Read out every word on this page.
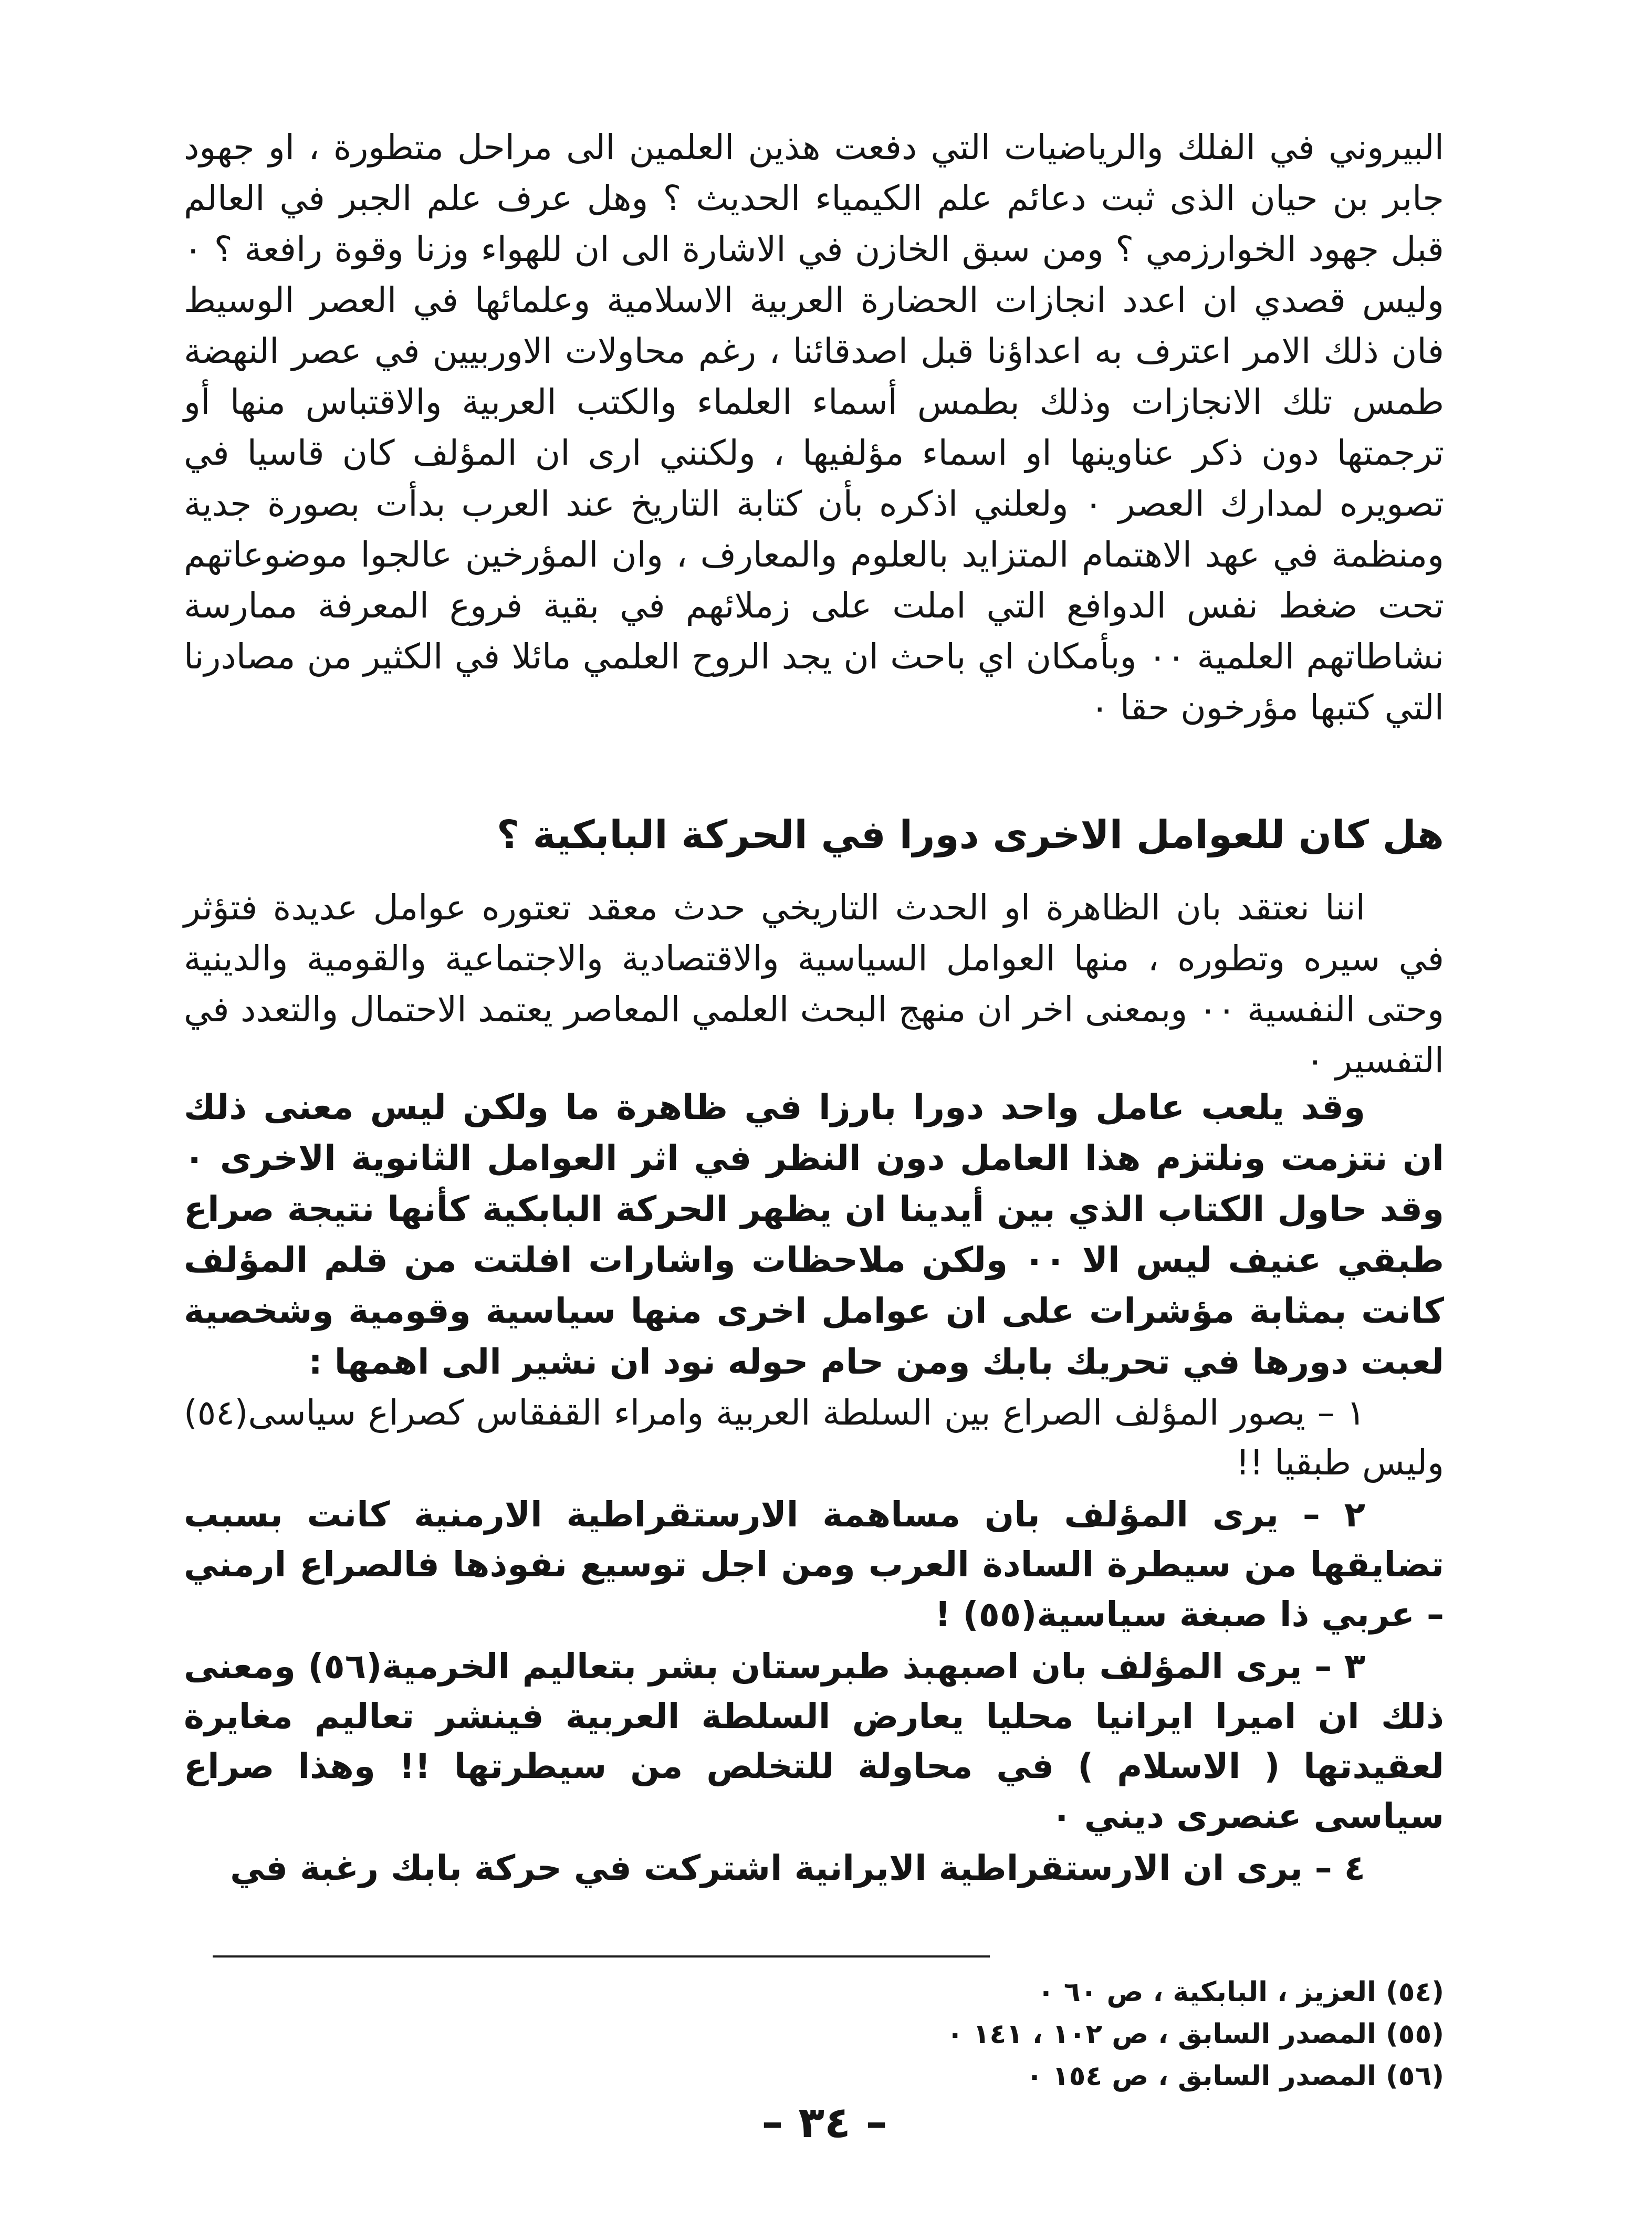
البيروني في الفلك والرياضيات التي دفعت هذين العلمين الى مراحل متطورة ، او جهود جابر بن حيان الذى ثبت دعائم علم الكيمياء الحديث ؟ وهل عرف علم الجبر في العالم قبل جهود الخوارزمي ؟ ومن سبق الخازن في الاشارة الى ان للهواء وزنا وقوة رافعة ؟ ٠ وليس قصدي ان اعدد انجازات الحضارة العربية الاسلامية وعلمائها في العصر الوسيط فان ذلك الامر اعترف به اعداؤنا قبل اصدقائنا ، رغم محاولات الاوربيين في عصر النهضة طمس تلك الانجازات وذلك بطمس أسماء العلماء والكتب العربية والاقتباس منها أو ترجمتها دون ذكر عناوينها او اسماء مؤلفيها ، ولكنني ارى ان المؤلف كان قاسيا في تصويره لمدارك العصر ٠ ولعلني اذكره بأن كتابة التاريخ عند العرب بدأت بصورة جدية ومنظمة في عهد الاهتمام المتزايد بالعلوم والمعارف ، وان المؤرخين عالجوا موضوعاتهم تحت ضغط نفس الدوافع التي املت على زملائهم في بقية فروع المعرفة ممارسة نشاطاتهم العلمية ٠٠ وبأمكان اي باحث ان يجد الروح العلمي مائلا في الكثير من مصادرنا التي كتبها مؤرخون حقا ٠

هل كان للعوامل الاخرى دورا في الحركة البابكية ؟

اننا نعتقد بان الظاهرة او الحدث التاريخي حدث معقد تعتوره عوامل عديدة فتؤثر في سيره وتطوره ، منها العوامل السياسية والاقتصادية والاجتماعية والقومية والدينية وحتى النفسية ٠٠ وبمعنى اخر ان منهج البحث العلمي المعاصر يعتمد الاحتمال والتعدد في التفسير ٠

وقد يلعب عامل واحد دورا بارزا في ظاهرة ما ولكن ليس معنى ذلك ان نتزمت ونلتزم هذا العامل دون النظر في اثر العوامل الثانوية الاخرى ٠ وقد حاول الكتاب الذي بين أيدينا ان يظهر الحركة البابكية كأنها نتيجة صراع طبقي عنيف ليس الا ٠٠ ولكن ملاحظات واشارات افلتت من قلم المؤلف كانت بمثابة مؤشرات على ان عوامل اخرى منها سياسية وقومية وشخصية لعبت دورها في تحريك بابك ومن حام حوله نود ان نشير الى اهمها :

١ – يصور المؤلف الصراع بين السلطة العربية وامراء القفقاس كصراع سياسى(٥٤) وليس طبقيا !!
٢ – يرى المؤلف بان مساهمة الارستقراطية الارمنية كانت بسبب تضايقها من سيطرة السادة العرب ومن اجل توسيع نفوذها فالصراع ارمني – عربي ذا صبغة سياسية(٥٥) !
٣ – يرى المؤلف بان اصبهبذ طبرستان بشر بتعاليم الخرمية(٥٦) ومعنى ذلك ان اميرا ايرانيا محليا يعارض السلطة العربية فينشر تعاليم مغايرة لعقيدتها ( الاسلام ) في محاولة للتخلص من سيطرتها !! وهذا صراع سياسى عنصرى ديني ٠
٤ – يرى ان الارستقراطية الايرانية اشتركت في حركة بابك رغبة في
(٥٤) العزيز ، البابكية ، ص ٦٠ ٠
(٥٥) المصدر السابق ، ص ١٠٢ ، ١٤١ ٠
(٥٦) المصدر السابق ، ص ١٥٤ ٠
– ٣٤ –
